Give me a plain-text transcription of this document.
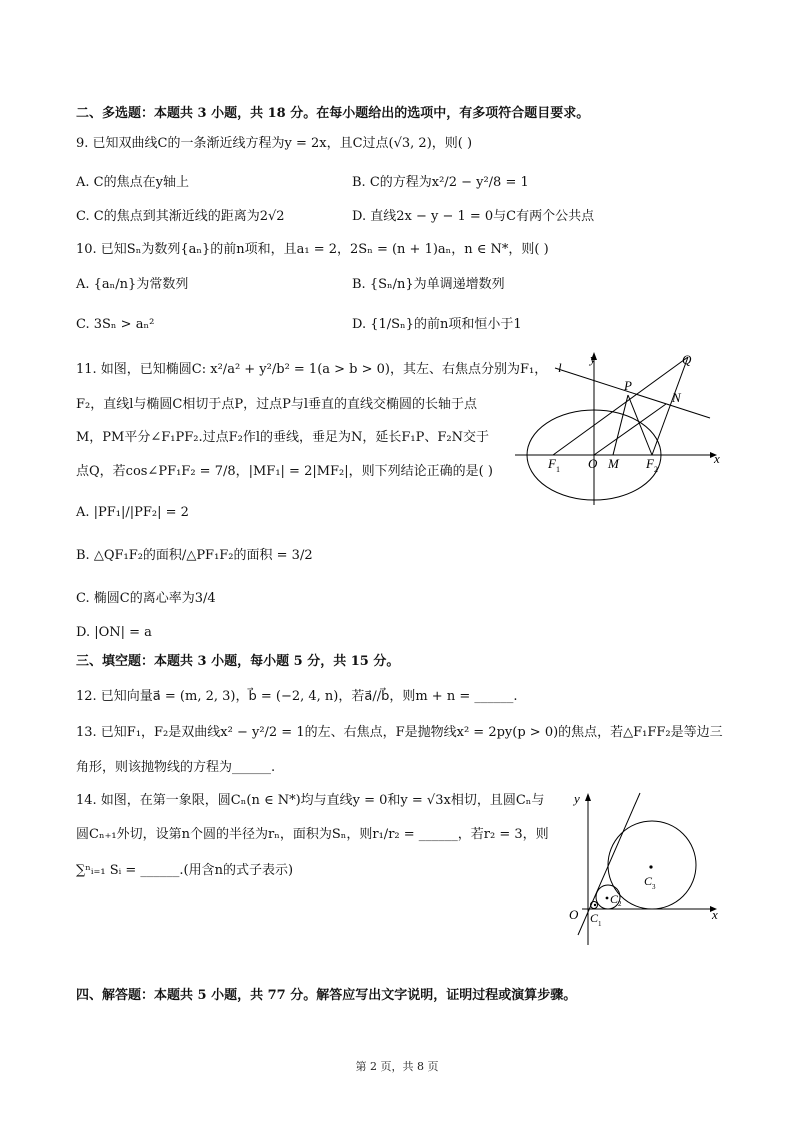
二、多选题：本题共 3 小题，共 18 分。在每小题给出的选项中，有多项符合题目要求。
9. 已知双曲线C的一条渐近线方程为y = 2x，且C过点(√3, 2)，则( )
A. C的焦点在y轴上	B. C的方程为x²/2 − y²/8 = 1
C. C的焦点到其渐近线的距离为2√2	D. 直线2x − y − 1 = 0与C有两个公共点
10. 已知Sₙ为数列{aₙ}的前n项和，且a₁ = 2，2Sₙ = (n + 1)aₙ，n ∈ N*，则( )
A. {aₙ/n}为常数列	B. {Sₙ/n}为单调递增数列
C. 3Sₙ > aₙ²	D. {1/Sₙ}的前n项和恒小于1
11. 如图，已知椭圆C: x²/a² + y²/b² = 1(a > b > 0)，其左、右焦点分别为F₁，
F₂，直线l与椭圆C相切于点P，过点P与l垂直的直线交椭圆的长轴于点
M，PM平分∠F₁PF₂.过点F₂作l的垂线，垂足为N，延长F₁P、F₂N交于
点Q，若cos∠PF₁F₂ = 7/8，|MF₁| = 2|MF₂|，则下列结论正确的是( )
A. |PF₁|/|PF₂| = 2
B. △QF₁F₂的面积/△PF₁F₂的面积 = 3/2
C. 椭圆C的离心率为3/4
D. |ON| = a
l
y	Q
P
N
F 1 O M F 2
x
三、填空题：本题共 3 小题，每小题 5 分，共 15 分。
12. 已知向量a⃗ = (m, 2, 3)，b⃗ = (−2, 4, n)，若a⃗//b⃗，则m + n = ______.
13. 已知F₁，F₂是双曲线x² − y²/2 = 1的左、右焦点，F是抛物线x² = 2py(p > 0)的焦点，若△F₁FF₂是等边三
角形，则该抛物线的方程为______.
14. 如图，在第一象限，圆Cₙ(n ∈ N*)均与直线y = 0和y = √3x相切，且圆Cₙ与
圆Cₙ₊₁外切，设第n个圆的半径为rₙ，面积为Sₙ，则r₁/r₂ = ______，若r₂ = 3，则
∑ⁿᵢ₌₁ Sᵢ = ______.(用含n的式子表示)
y
O	x
C 1
C 2
C 3
四、解答题：本题共 5 小题，共 77 分。解答应写出文字说明，证明过程或演算步骤。
第 2 页，共 8 页
